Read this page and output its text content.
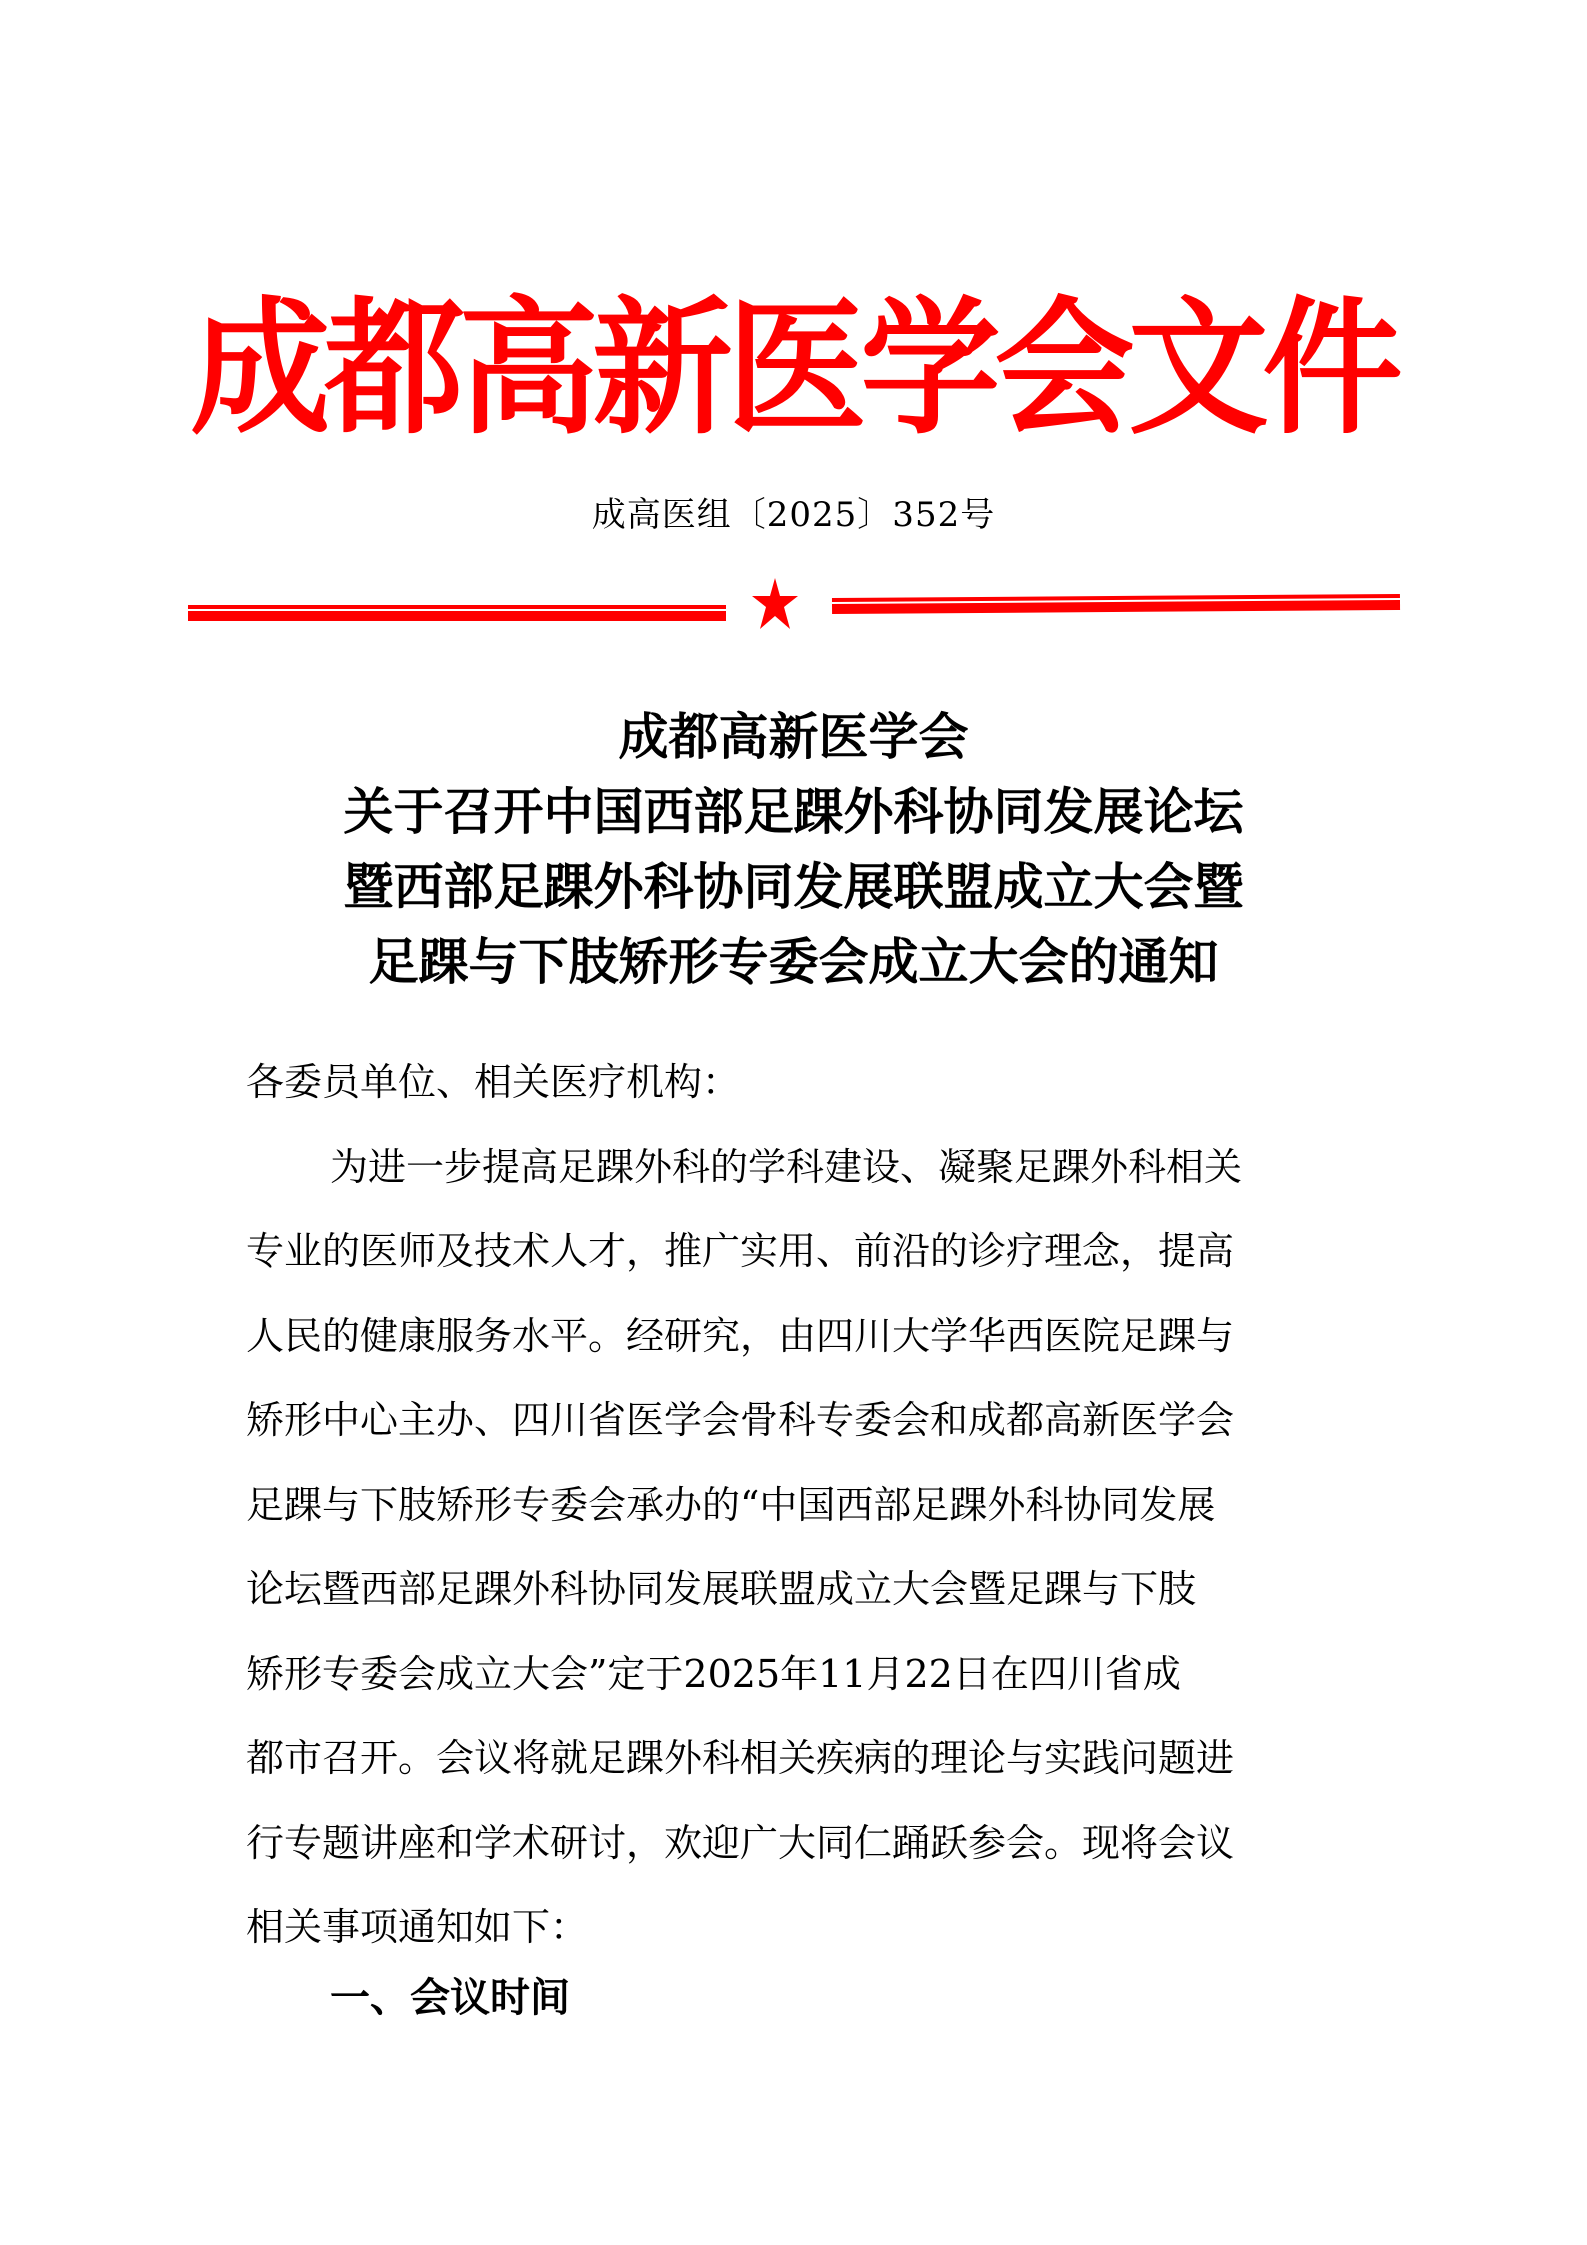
成都高新医学会文件
成高医组〔2025〕352号
成都高新医学会
关于召开中国西部足踝外科协同发展论坛
暨西部足踝外科协同发展联盟成立大会暨
足踝与下肢矫形专委会成立大会的通知
各委员单位、相关医疗机构：
为进一步提高足踝外科的学科建设、凝聚足踝外科相关
专业的医师及技术人才，推广实用、前沿的诊疗理念，提高
人民的健康服务水平。经研究，由四川大学华西医院足踝与
矫形中心主办、四川省医学会骨科专委会和成都高新医学会
足踝与下肢矫形专委会承办的“中国西部足踝外科协同发展
论坛暨西部足踝外科协同发展联盟成立大会暨足踝与下肢
矫形专委会成立大会”定于2025年11月22日在四川省成
都市召开。会议将就足踝外科相关疾病的理论与实践问题进
行专题讲座和学术研讨，欢迎广大同仁踊跃参会。现将会议
相关事项通知如下：
一、会议时间
